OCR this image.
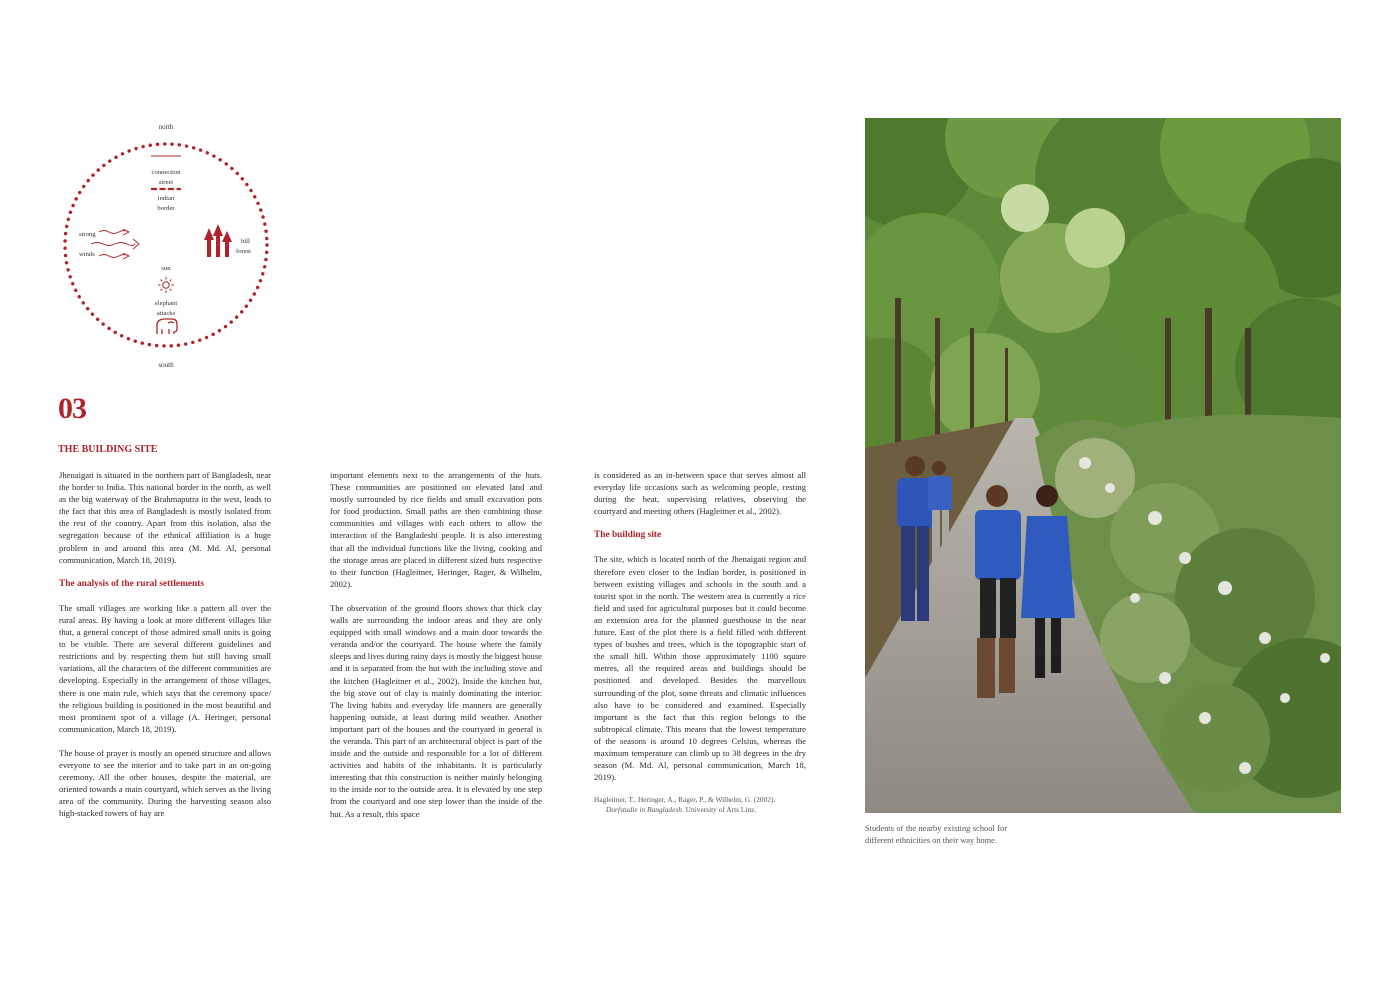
north
connection
street
indian
border
strong
winds
hill
forest
sun
elephant
attacks
south
03
THE BUILDING SITE

Jhenaigati is situated in the northern part of Bangladesh, near the border to India. This national border in the north, as well as the big waterway of the Brahmaputra in the west, leads to the fact that this area of Bangladesh is mostly isolated from the rest of the country. Apart from this isolation, also the segregation because of the ethnical affiliation is a huge problem in and around this area (M. Md. Al, personal communication, March 18, 2019).

The analysis of the rural settlements

The small villages are working like a pattern all over the rural areas. By having a look at more different villages like that, a general concept of those admired small units is going to be visible. There are several different guidelines and restrictions and by respecting them but still having small variations, all the characters of the different communities are developing. Especially in the arrangement of those villages, there is one main rule, which says that the ceremony space/ the religious building is positioned in the most beautiful and most prominent spot of a village (A. Heringer, personal communication, March 18, 2019).

The house of prayer is mostly an opened structure and allows everyone to see the interior and to take part in an on-going ceremony. All the other houses, despite the material, are oriented towards a main courtyard, which serves as the living area of the community. During the harvesting season also high-stacked towers of hay are

important elements next to the arrangements of the huts. These communities are positioned on elevated land and mostly surrounded by rice fields and small excavation pots for food production. Small paths are then combining those communities and villages with each others to allow the interaction of the Bangladeshi people. It is also interesting that all the individual functions like the living, cooking and the storage areas are placed in different sized huts respective to their function (Hagleitner, Heringer, Rager, & Wilhelm, 2002).

The observation of the ground floors shows that thick clay walls are surrounding the indoor areas and they are only equipped with small windows and a main door towards the veranda and/or the courtyard. The house where the family sleeps and lives during rainy days is mostly the biggest house and it is separated from the hut with the including stove and the kitchen (Hagleitner et al., 2002). Inside the kitchen hut, the big stove out of clay is mainly dominating the interior. The living habits and everyday life manners are generally happening outside, at least during mild weather. Another important part of the houses and the courtyard in general is the veranda. This part of an architectural object is part of the inside and the outside and responsible for a lot of different activities and habits of the inhabitants. It is particularly interesting that this construction is neither mainly belonging to the inside nor to the outside area. It is elevated by one step from the courtyard and one step lower than the inside of the hut. As a result, this space

is considered as an in-between space that serves almost all everyday life occasions such as welcoming people, resting during the heat, supervising relatives, observing the courtyard and meeting others (Hagleitner et al., 2002).

The building site

The site, which is located north of the Jhenaigati region and therefore even closer to the Indian border, is positioned in between existing villages and schools in the south and a tourist spot in the north. The western area is currently a rice field and used for agricultural purposes but it could become an extension area for the planned guesthouse in the near future. East of the plot there is a field filled with different types of bushes and trees, which is the topographic start of the small hill. Within those approximately 1100 square metres, all the required areas and buildings should be positioned and developed. Besides the marvellous surrounding of the plot, some threats and climatic influences also have to be considered and examined. Especially important is the fact that this region belongs to the subtropical climate. This means that the lowest temperature of the seasons is around 10 degrees Celsius, whereas the maximum temperature can climb up to 38 degrees in the dry season (M. Md. Al, personal communication, March 18, 2019).

Hagleitner, T., Heringer, A., Rager, P., & Wilhelm, G. (2002).
Dorfstudie in Bangladesh. University of Arts Linz.
Students of the nearby existing school for different ethnicities on their way home.
